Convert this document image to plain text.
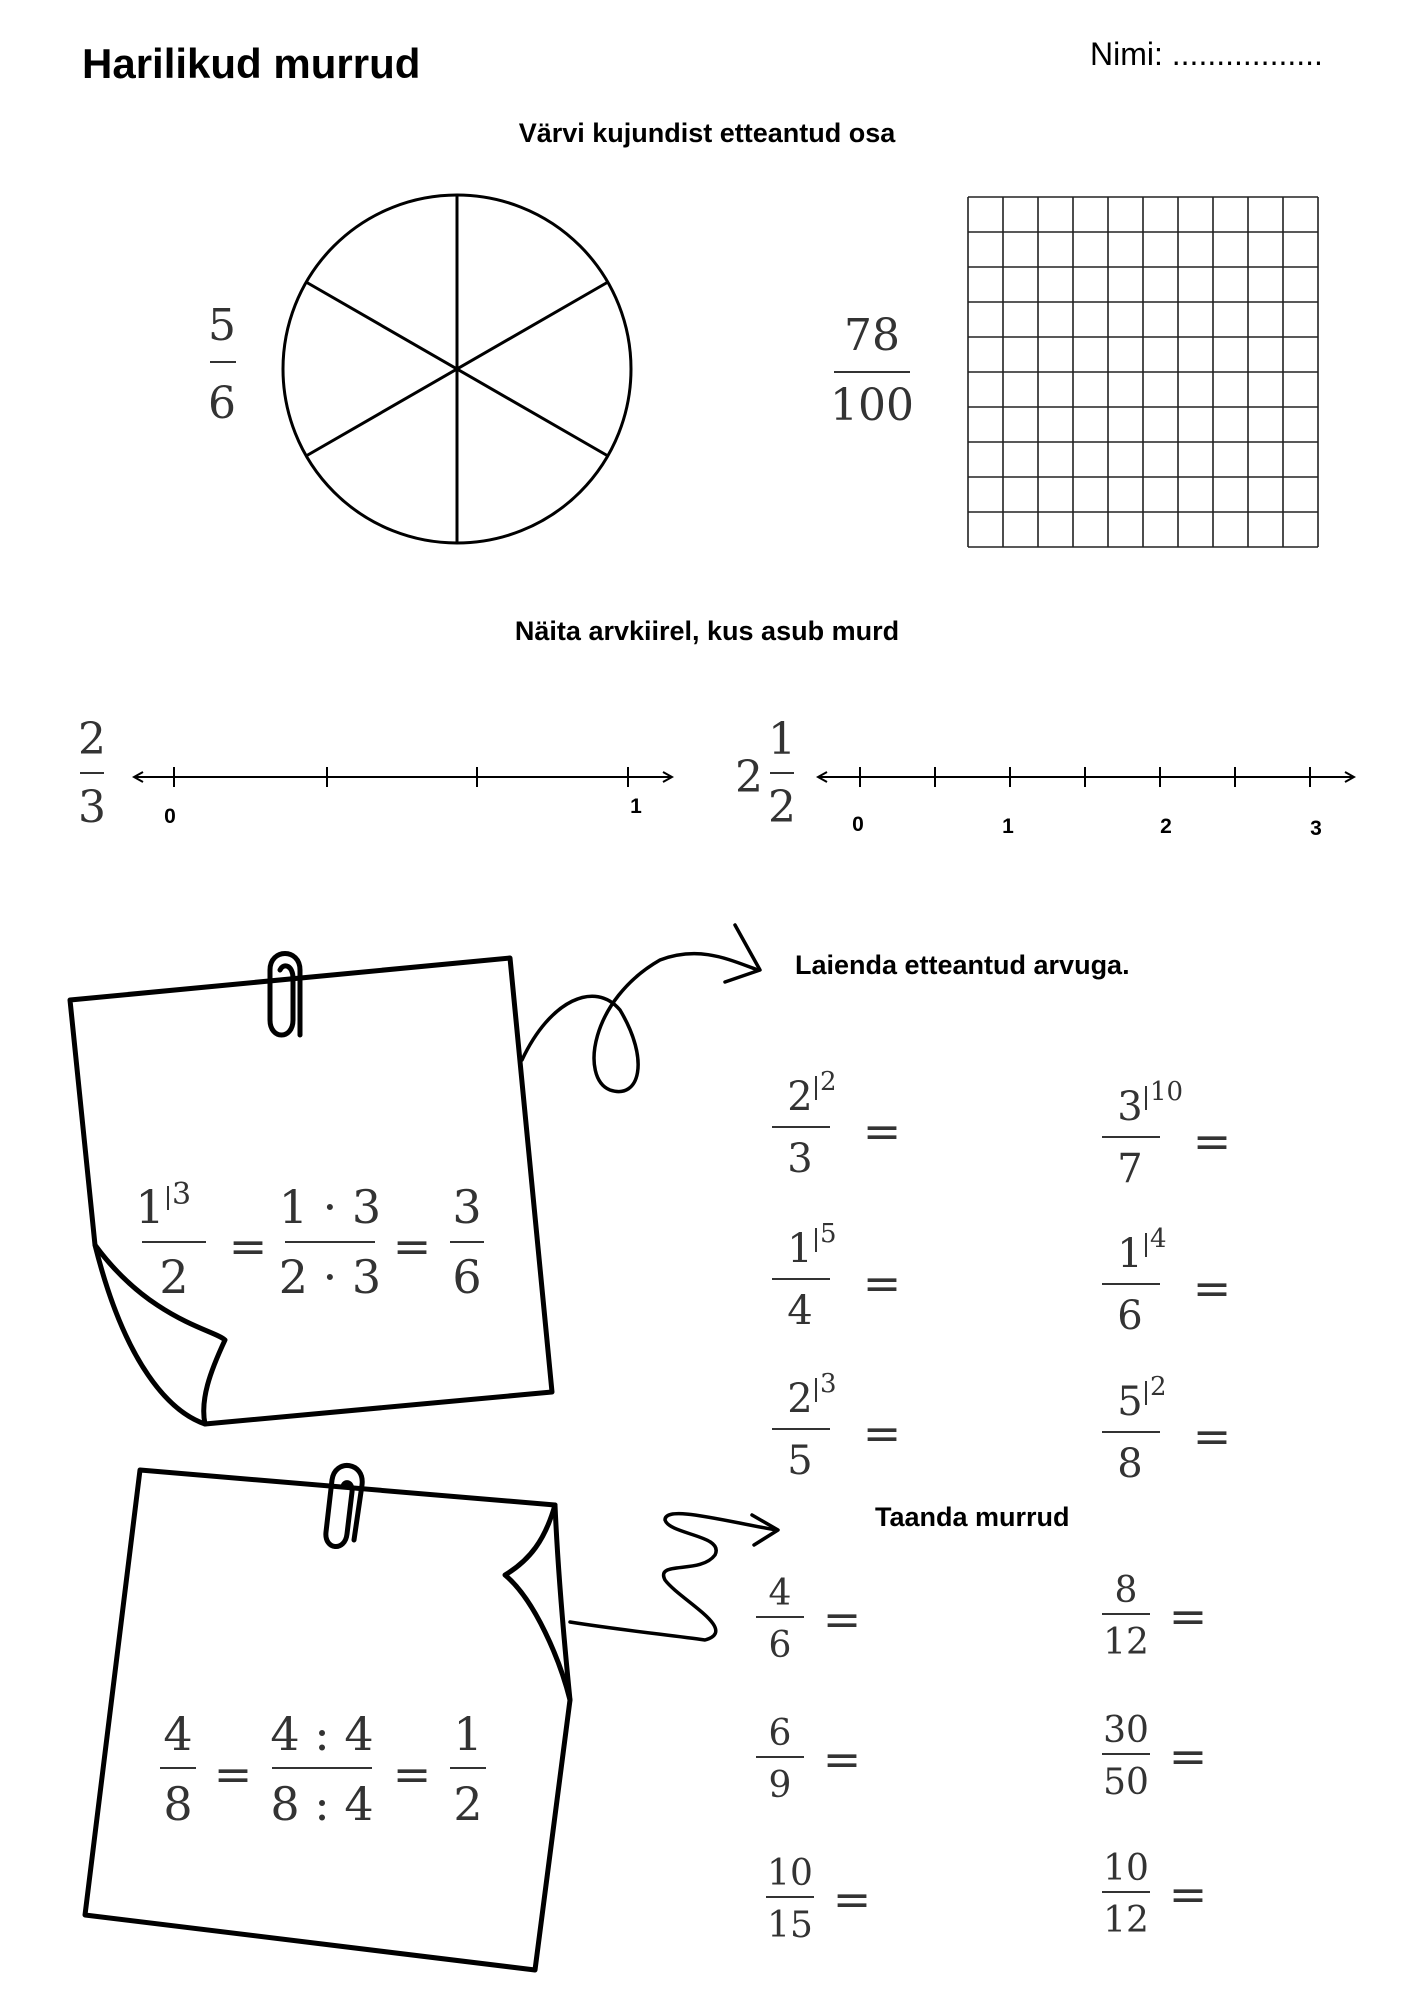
Harilikud murrud	Nimi: .................
Värvi kujundist etteantud osa
Näita arvkiirel, kus asub murd
Laienda etteantud arvuga.
Taanda murrud
5
6
78
100
2
3
2
1
2
0	1
0	1	2	3
1 3
2
=
1 · 3
2 · 3
=
3
6
4
8
=
4 : 4
8 : 4
=
1
2
2 2
3
=	3 10
7
=
1 5
4
=
1 4
6
=
2 3
5
=
5 2
8
=
4
6 =
8
12 =
6
9 =
30
50 =
10
15 =
10
12 =
